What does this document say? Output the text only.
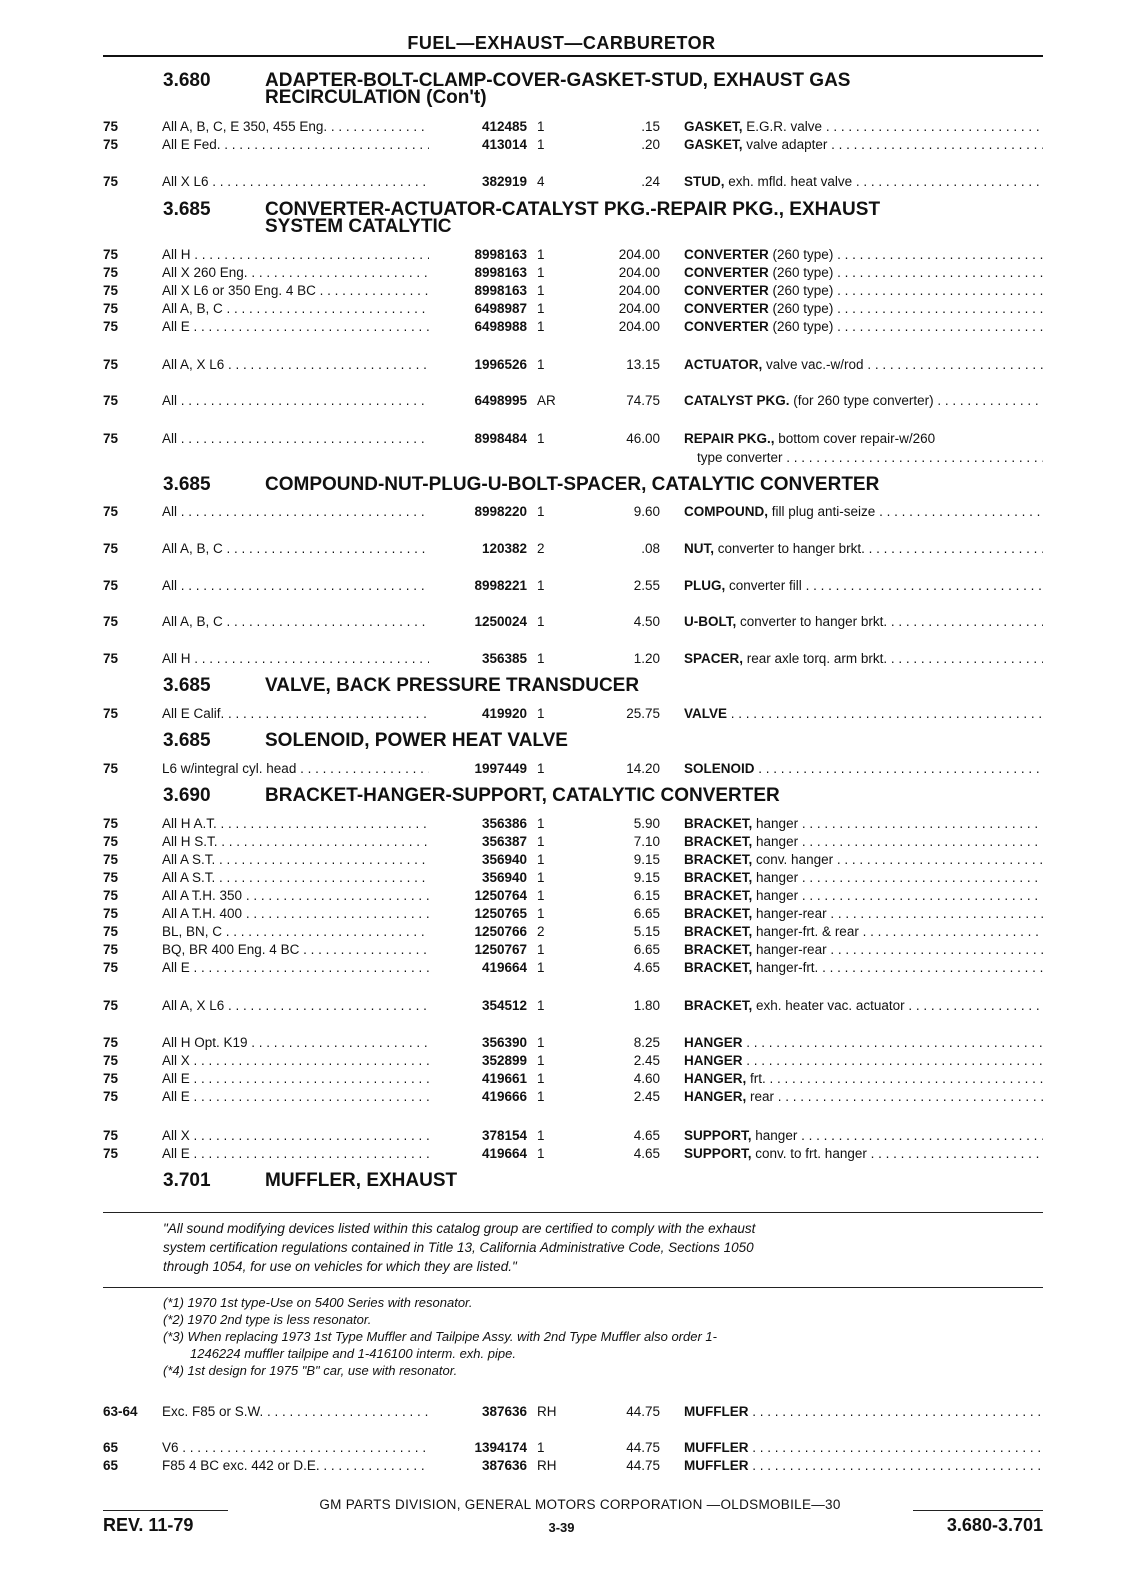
FUEL—EXHAUST—CARBURETOR
3.680	ADAPTER-BOLT-CLAMP-COVER-GASKET-STUD, EXHAUST GAS
RECIRCULATION (Con't)
75	All A, B, C, E 350, 455 Eng. . . .	412485 1	.15 GASKET, E.G.R. valve . . .
75	All E Fed. . . .	413014 1	.20 GASKET, valve adapter . . .
75	All X L6 . . .	382919 4	.24 STUD, exh. mfld. heat valve . . .
3.685	CONVERTER-ACTUATOR-CATALYST PKG.-REPAIR PKG., EXHAUST
SYSTEM CATALYTIC
75	All H . . .	8998163 1	204.00 CONVERTER (260 type) . . .
75	All X 260 Eng. . . .	8998163 1	204.00 CONVERTER (260 type) . . .
75	All X L6 or 350 Eng. 4 BC . . .	8998163 1	204.00 CONVERTER (260 type) . . .
75	All A, B, C . . .	6498987 1	204.00 CONVERTER (260 type) . . .
75	All E . . .	6498988 1	204.00 CONVERTER (260 type) . . .
75	All A, X L6 . . .	1996526 1	13.15 ACTUATOR, valve vac.-w/rod . . .
75	All . . .	6498995 AR	74.75 CATALYST PKG. (for 260 type converter) . . .
75	All . . .	8998484 1	46.00 REPAIR PKG., bottom cover repair-w/260
type converter . . .
3.685	COMPOUND-NUT-PLUG-U-BOLT-SPACER, CATALYTIC CONVERTER
75	All . . .	8998220 1	9.60 COMPOUND, fill plug anti-seize . . .
75	All A, B, C . . .	120382 2	.08 NUT, converter to hanger brkt. . . .
75	All . . .	8998221 1	2.55 PLUG, converter fill . . .
75	All A, B, C . . .	1250024 1	4.50 U-BOLT, converter to hanger brkt. . . .
75	All H . . .	356385 1	1.20 SPACER, rear axle torq. arm brkt. . . .
3.685	VALVE, BACK PRESSURE TRANSDUCER
75	All E Calif. . . .	419920 1	25.75 VALVE . . .
3.685	SOLENOID, POWER HEAT VALVE
75	L6 w/integral cyl. head . . .	1997449 1	14.20 SOLENOID . . .
3.690	BRACKET-HANGER-SUPPORT, CATALYTIC CONVERTER
75	All H A.T. . . .	356386 1	5.90 BRACKET, hanger . . .
75	All H S.T. . . .	356387 1	7.10 BRACKET, hanger . . .
75	All A S.T. . . .	356940 1	9.15 BRACKET, conv. hanger . . .
75	All A S.T. . . .	356940 1	9.15 BRACKET, hanger . . .
75	All A T.H. 350 . . .	1250764 1	6.15 BRACKET, hanger . . .
75	All A T.H. 400 . . .	1250765 1	6.65 BRACKET, hanger-rear . . .
75	BL, BN, C . . .	1250766 2	5.15 BRACKET, hanger-frt. & rear . . .
75	BQ, BR 400 Eng. 4 BC . . .	1250767 1	6.65 BRACKET, hanger-rear . . .
75	All E . . .	419664 1	4.65 BRACKET, hanger-frt. . . .
75	All A, X L6 . . .	354512 1	1.80 BRACKET, exh. heater vac. actuator . . .
75	All H Opt. K19 . . .	356390 1	8.25 HANGER . . .
75	All X . . .	352899 1	2.45 HANGER . . .
75	All E . . .	419661 1	4.60 HANGER, frt. . . .
75	All E . . .	419666 1	2.45 HANGER, rear . . .
75	All X . . .	378154 1	4.65 SUPPORT, hanger . . .
75	All E . . .	419664 1	4.65 SUPPORT, conv. to frt. hanger . . .
3.701	MUFFLER, EXHAUST
"All sound modifying devices listed within this catalog group are certified to comply with the exhaust
system certification regulations contained in Title 13, California Administrative Code, Sections 1050
through 1054, for use on vehicles for which they are listed."
(*1) 1970 1st type-Use on 5400 Series with resonator.
(*2) 1970 2nd type is less resonator.
(*3) When replacing 1973 1st Type Muffler and Tailpipe Assy. with 2nd Type Muffler also order 1-
1246224 muffler tailpipe and 1-416100 interm. exh. pipe.
(*4) 1st design for 1975 "B" car, use with resonator.
63-64	Exc. F85 or S.W. . . .	387636 RH	44.75 MUFFLER . . .
65	V6 . . .	1394174 1	44.75 MUFFLER . . .
65	F85 4 BC exc. 442 or D.E. . . .	387636 RH	44.75 MUFFLER . . .
GM PARTS DIVISION, GENERAL MOTORS CORPORATION —OLDSMOBILE—30
REV. 11-79	3-39	3.680-3.701
